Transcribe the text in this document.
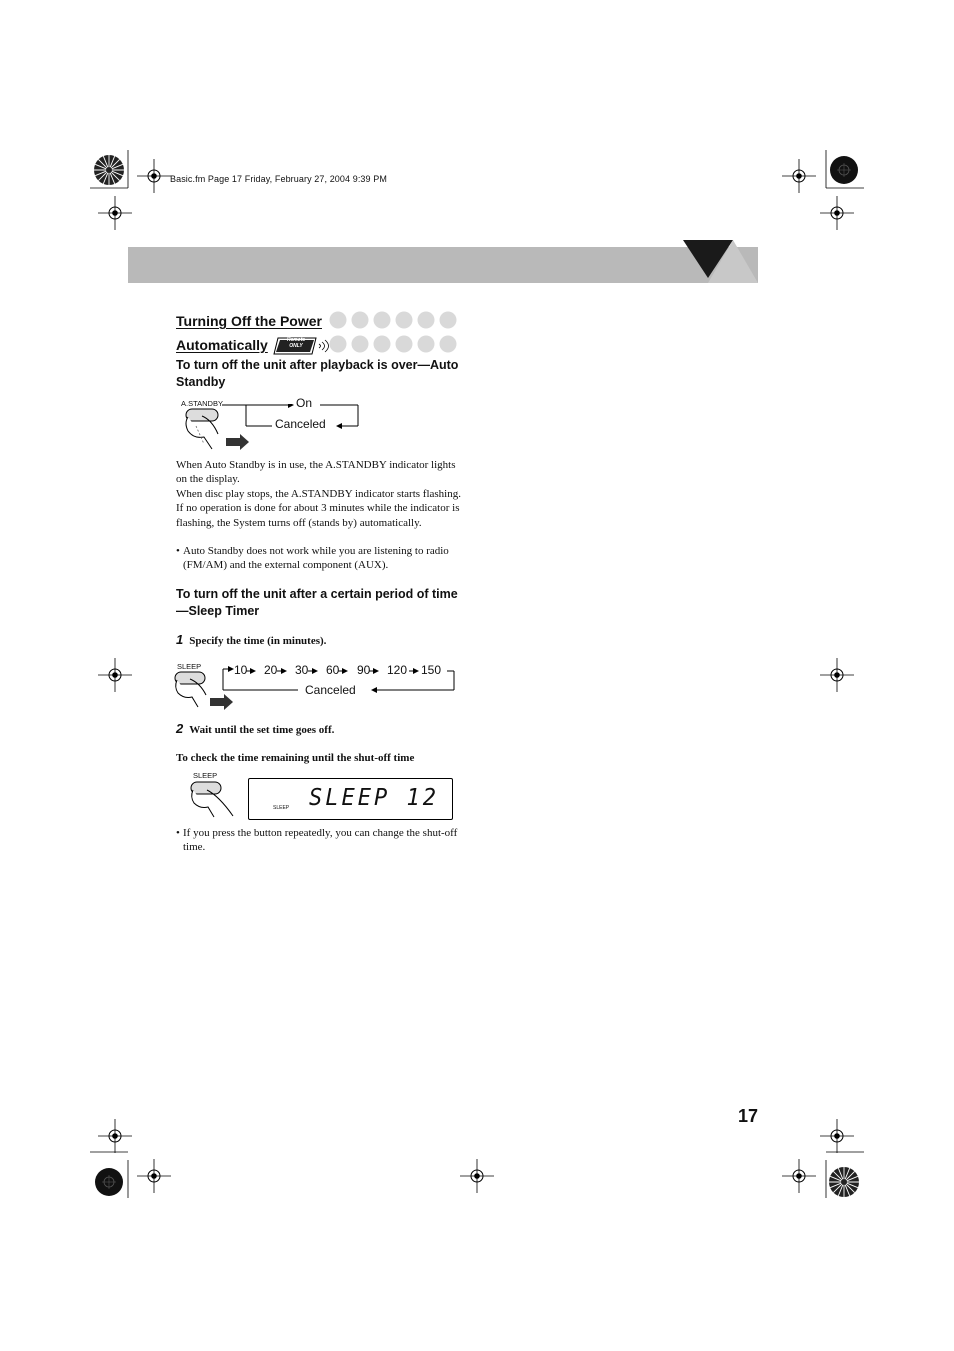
Basic.fm Page 17 Friday, February 27, 2004 9:39 PM
Turning Off the Power
Automatically	Remote
ONLY
To turn off the unit after playback is over—Auto Standby
A.STANDBY	On
Canceled
When Auto Standby is in use, the A.STANDBY indicator lights on the display.
When disc play stops, the A.STANDBY indicator starts flashing. If no operation is done for about 3 minutes while the indicator is flashing, the System turns off (stands by) automatically.
• Auto Standby does not work while you are listening to radio (FM/AM) and the external component (AUX).
To turn off the unit after a certain period of time —Sleep Timer
1 Specify the time (in minutes).
SLEEP	10 20 30 60 90 120 150
Canceled
2 Wait until the set time goes off.
To check the time remaining until the shut-off time
SLEEP
SLEEP SLEEP 12
• If you press the button repeatedly, you can change the shut-off time.
17
